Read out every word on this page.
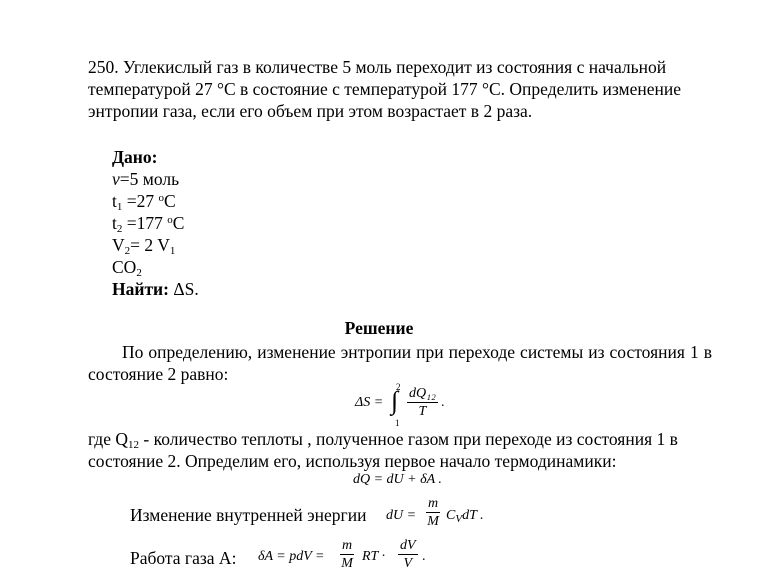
250. Углекислый газ в количестве 5 моль переходит из состояния с начальной температурой 27 °С в состояние с температурой 177 °С. Определить изменение энтропии газа, если его объем при этом возрастает в 2 раза.
Дано:
ν=5 моль
$t_1 =27$ $^о$С
$t_2 =177$ $^о$С
$V_2= 2$ $V_1$
$CO_2$
Найти: ΔS.
Решение
По определению, изменение энтропии при переходе системы из состояния 1 в состояние 2 равно:
ΔS =
2
∫
1
$\frac{\text{dQ₁₂}}{T}$ .
где $Q_{12}$ - количество теплоты , полученное газом при переходе из состояния 1 в состояние 2. Определим его, используя первое начало термодинамики:
dQ = dU + δA .
Изменение внутренней энергии dU = $\frac{m}{M} C_VdT$ .
Работа газа А: δA = pdV = $\frac{m}{M}$ RT · $\frac{dV}{V}$ .
